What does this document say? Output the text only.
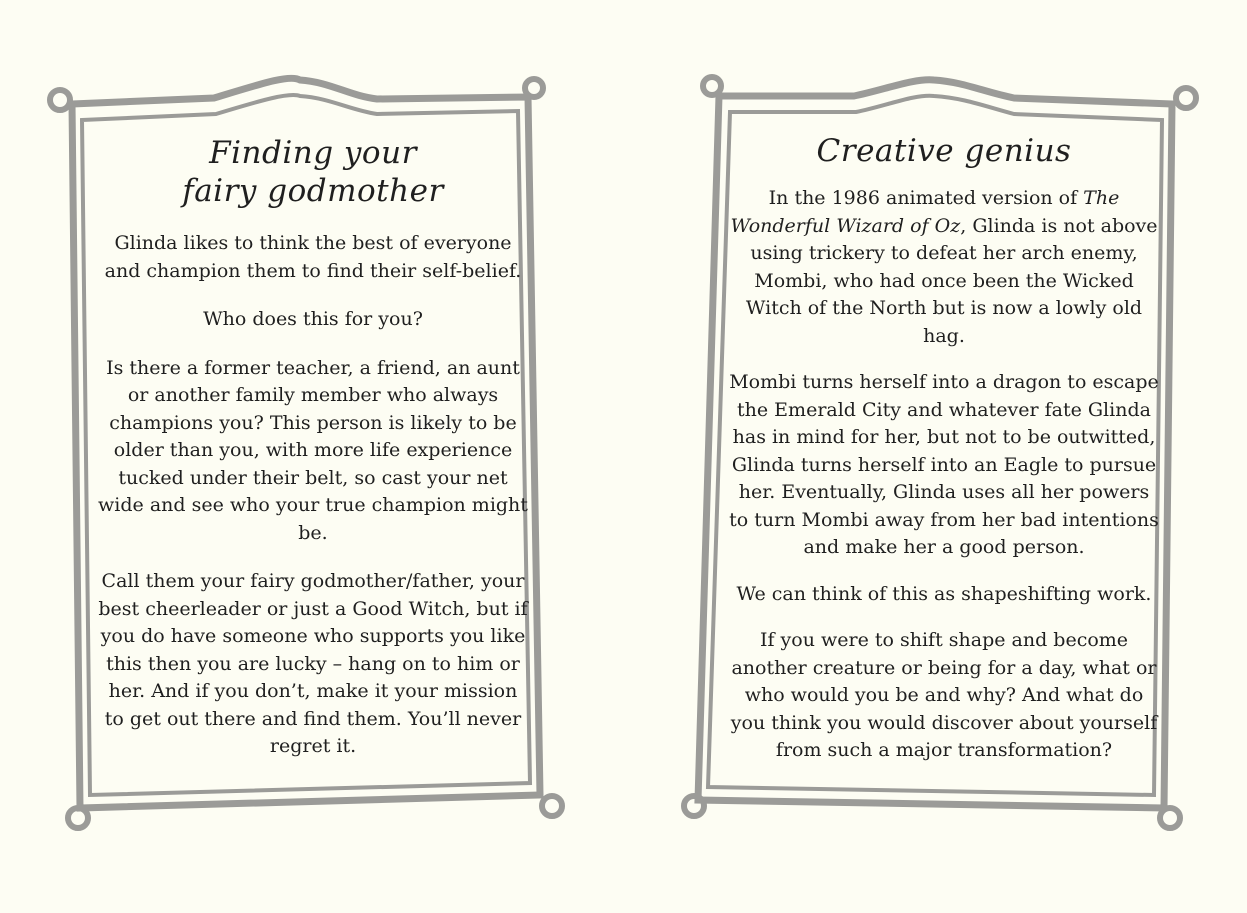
Finding your
fairy godmother

Glinda likes to think the best of everyone and champion them to find their self-belief.

Who does this for you?

Is there a former teacher, a friend, an aunt or another family member who always champions you? This person is likely to be older than you, with more life experience tucked under their belt, so cast your net wide and see who your true champion might be.

Call them your fairy godmother/father, your best cheerleader or just a Good Witch, but if you do have someone who supports you like this then you are lucky – hang on to him or her. And if you don’t, make it your mission to get out there and find them. You’ll never regret it.

Creative genius

In the 1986 animated version of The Wonderful Wizard of Oz, Glinda is not above using trickery to defeat her arch enemy, Mombi, who had once been the Wicked Witch of the North but is now a lowly old hag.

Mombi turns herself into a dragon to escape the Emerald City and whatever fate Glinda has in mind for her, but not to be outwitted, Glinda turns herself into an Eagle to pursue her. Eventually, Glinda uses all her powers to turn Mombi away from her bad intentions and make her a good person.

We can think of this as shapeshifting work.

If you were to shift shape and become another creature or being for a day, what or who would you be and why? And what do you think you would discover about yourself from such a major transformation?
